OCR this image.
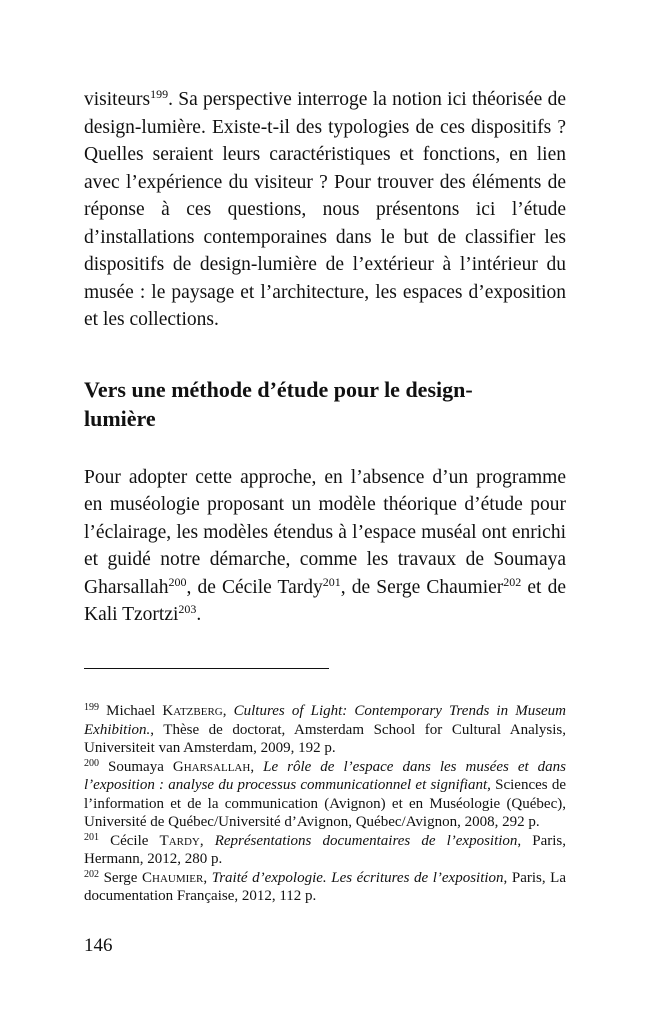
visiteurs$^{199}$. Sa perspective interroge la notion ici théorisée de design-lumière. Existe-t-il des typologies de ces dispositifs ? Quelles seraient leurs caractéristiques et fonctions, en lien avec l’expérience du visiteur ? Pour trouver des éléments de réponse à ces questions, nous présentons ici l’étude d’installations contemporaines dans le but de classifier les dispositifs de design-lumière de l’extérieur à l’intérieur du musée : le paysage et l’architecture, les espaces d’exposition et les collections.

Vers une méthode d’étude pour le design-lumière

Pour adopter cette approche, en l’absence d’un programme en muséologie proposant un modèle théorique d’étude pour l’éclairage, les modèles étendus à l’espace muséal ont enrichi et guidé notre démarche, comme les travaux de Soumaya Gharsallah$^{200}$, de Cécile Tardy$^{201}$, de Serge Chaumier$^{202}$ et de Kali Tzortzi$^{203}$.

$^{199}$ Michael Katzberg, Cultures of Light: Contemporary Trends in Museum Exhibition., Thèse de doctorat, Amsterdam School for Cultural Analysis, Universiteit van Amsterdam, 2009, 192 p.
$^{200}$ Soumaya Gharsallah, Le rôle de l’espace dans les musées et dans l’exposition : analyse du processus communicationnel et signifiant, Sciences de l’information et de la communication (Avignon) et en Muséologie (Québec), Université de Québec/Université d’Avignon, Québec/Avignon, 2008, 292 p.
$^{201}$ Cécile Tardy, Représentations documentaires de l’exposition, Paris, Hermann, 2012, 280 p.
$^{202}$ Serge Chaumier, Traité d’expologie. Les écritures de l’exposition, Paris, La documentation Française, 2012, 112 p.
146
